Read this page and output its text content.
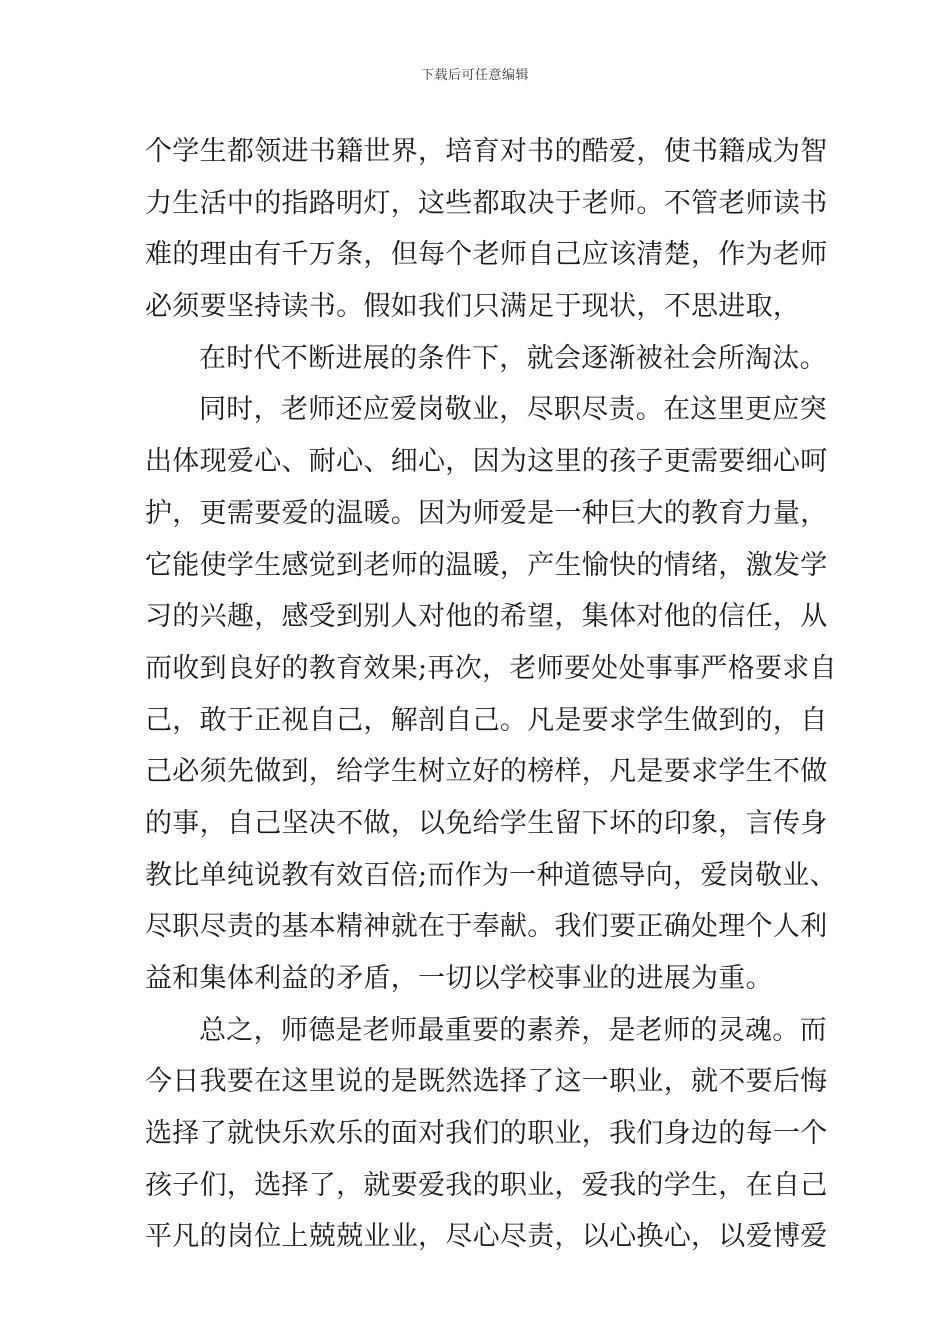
下载后可任意编辑
个学生都领进书籍世界，培育对书的酷爱，使书籍成为智
力生活中的指路明灯，这些都取决于老师。不管老师读书
难的理由有千万条，但每个老师自己应该清楚，作为老师
必须要坚持读书。假如我们只满足于现状，不思进取，
在时代不断进展的条件下，就会逐渐被社会所淘汰。
同时，老师还应爱岗敬业，尽职尽责。在这里更应突
出体现爱心、耐心、细心，因为这里的孩子更需要细心呵
护，更需要爱的温暖。因为师爱是一种巨大的教育力量，
它能使学生感觉到老师的温暖，产生愉快的情绪，激发学
习的兴趣，感受到别人对他的希望，集体对他的信任，从
而收到良好的教育效果;再次，老师要处处事事严格要求自
己，敢于正视自己，解剖自己。凡是要求学生做到的，自
己必须先做到，给学生树立好的榜样，凡是要求学生不做
的事，自己坚决不做，以免给学生留下坏的印象，言传身
教比单纯说教有效百倍;而作为一种道德导向，爱岗敬业、
尽职尽责的基本精神就在于奉献。我们要正确处理个人利
益和集体利益的矛盾，一切以学校事业的进展为重。
总之，师德是老师最重要的素养，是老师的灵魂。而
今日我要在这里说的是既然选择了这一职业，就不要后悔
选择了就快乐欢乐的面对我们的职业，我们身边的每一个
孩子们，选择了，就要爱我的职业，爱我的学生，在自己
平凡的岗位上兢兢业业，尽心尽责，以心换心，以爱博爱
